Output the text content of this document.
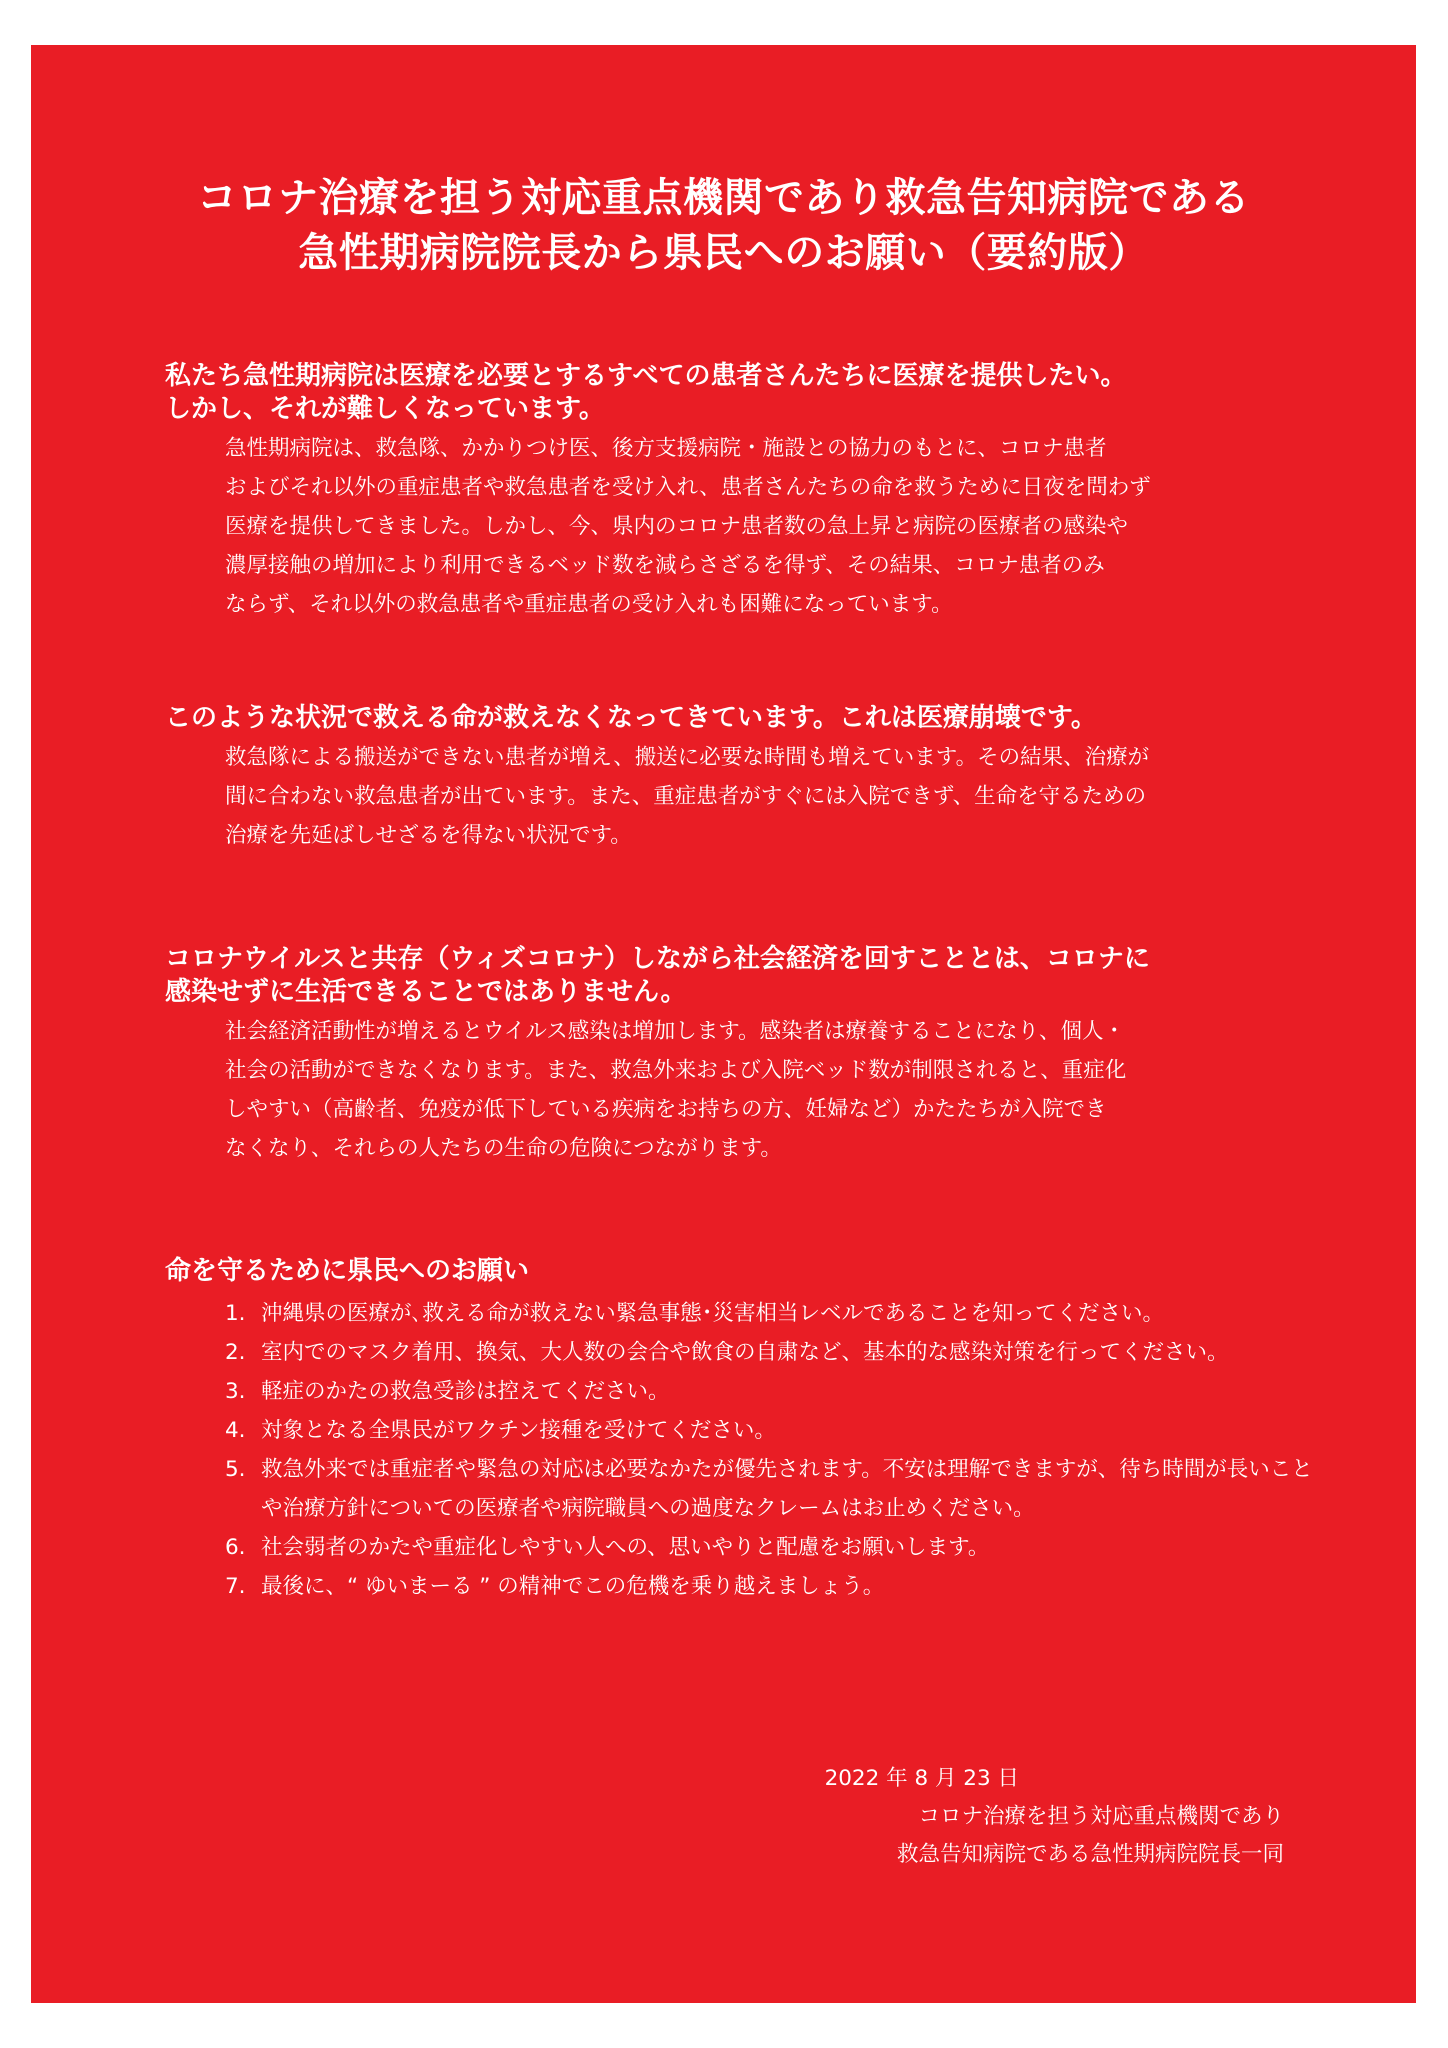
コロナ治療を担う対応重点機関であり救急告知病院である
急性期病院院長から県民へのお願い（要約版）
私たち急性期病院は医療を必要とするすべての患者さんたちに医療を提供したい。
しかし、それが難しくなっています。
急性期病院は、救急隊、かかりつけ医、後方支援病院・施設との協力のもとに、コロナ患者
およびそれ以外の重症患者や救急患者を受け入れ、患者さんたちの命を救うために日夜を問わず
医療を提供してきました。しかし、今、県内のコロナ患者数の急上昇と病院の医療者の感染や
濃厚接触の増加により利用できるベッド数を減らさざるを得ず、その結果、コロナ患者のみ
ならず、それ以外の救急患者や重症患者の受け入れも困難になっています。
このような状況で救える命が救えなくなってきています。これは医療崩壊です。
救急隊による搬送ができない患者が増え、搬送に必要な時間も増えています。その結果、治療が
間に合わない救急患者が出ています。また、重症患者がすぐには入院できず、生命を守るための
治療を先延ばしせざるを得ない状況です。
コロナウイルスと共存（ウィズコロナ）しながら社会経済を回すこととは、コロナに
感染せずに生活できることではありません。
社会経済活動性が増えるとウイルス感染は増加します。感染者は療養することになり、個人・
社会の活動ができなくなります。また、救急外来および入院ベッド数が制限されると、重症化
しやすい（高齢者、免疫が低下している疾病をお持ちの方、妊婦など）かたたちが入院でき
なくなり、それらの人たちの生命の危険につながります。
命を守るために県民へのお願い
1. 沖縄県の医療が､救える命が救えない緊急事態･災害相当レベルであることを知ってください。
2. 室内でのマスク着用、換気、大人数の会合や飲食の自粛など、基本的な感染対策を行ってください。
3. 軽症のかたの救急受診は控えてください。
4. 対象となる全県民がワクチン接種を受けてください。
5. 救急外来では重症者や緊急の対応は必要なかたが優先されます。不安は理解できますが、待ち時間が長いことや治療方針についての医療者や病院職員への過度なクレームはお止めください。
6. 社会弱者のかたや重症化しやすい人への、思いやりと配慮をお願いします。
7. 最後に、“ ゆいまーる ” の精神でこの危機を乗り越えましょう。
2022 年 8 月 23 日
コロナ治療を担う対応重点機関であり
救急告知病院である急性期病院院長一同
